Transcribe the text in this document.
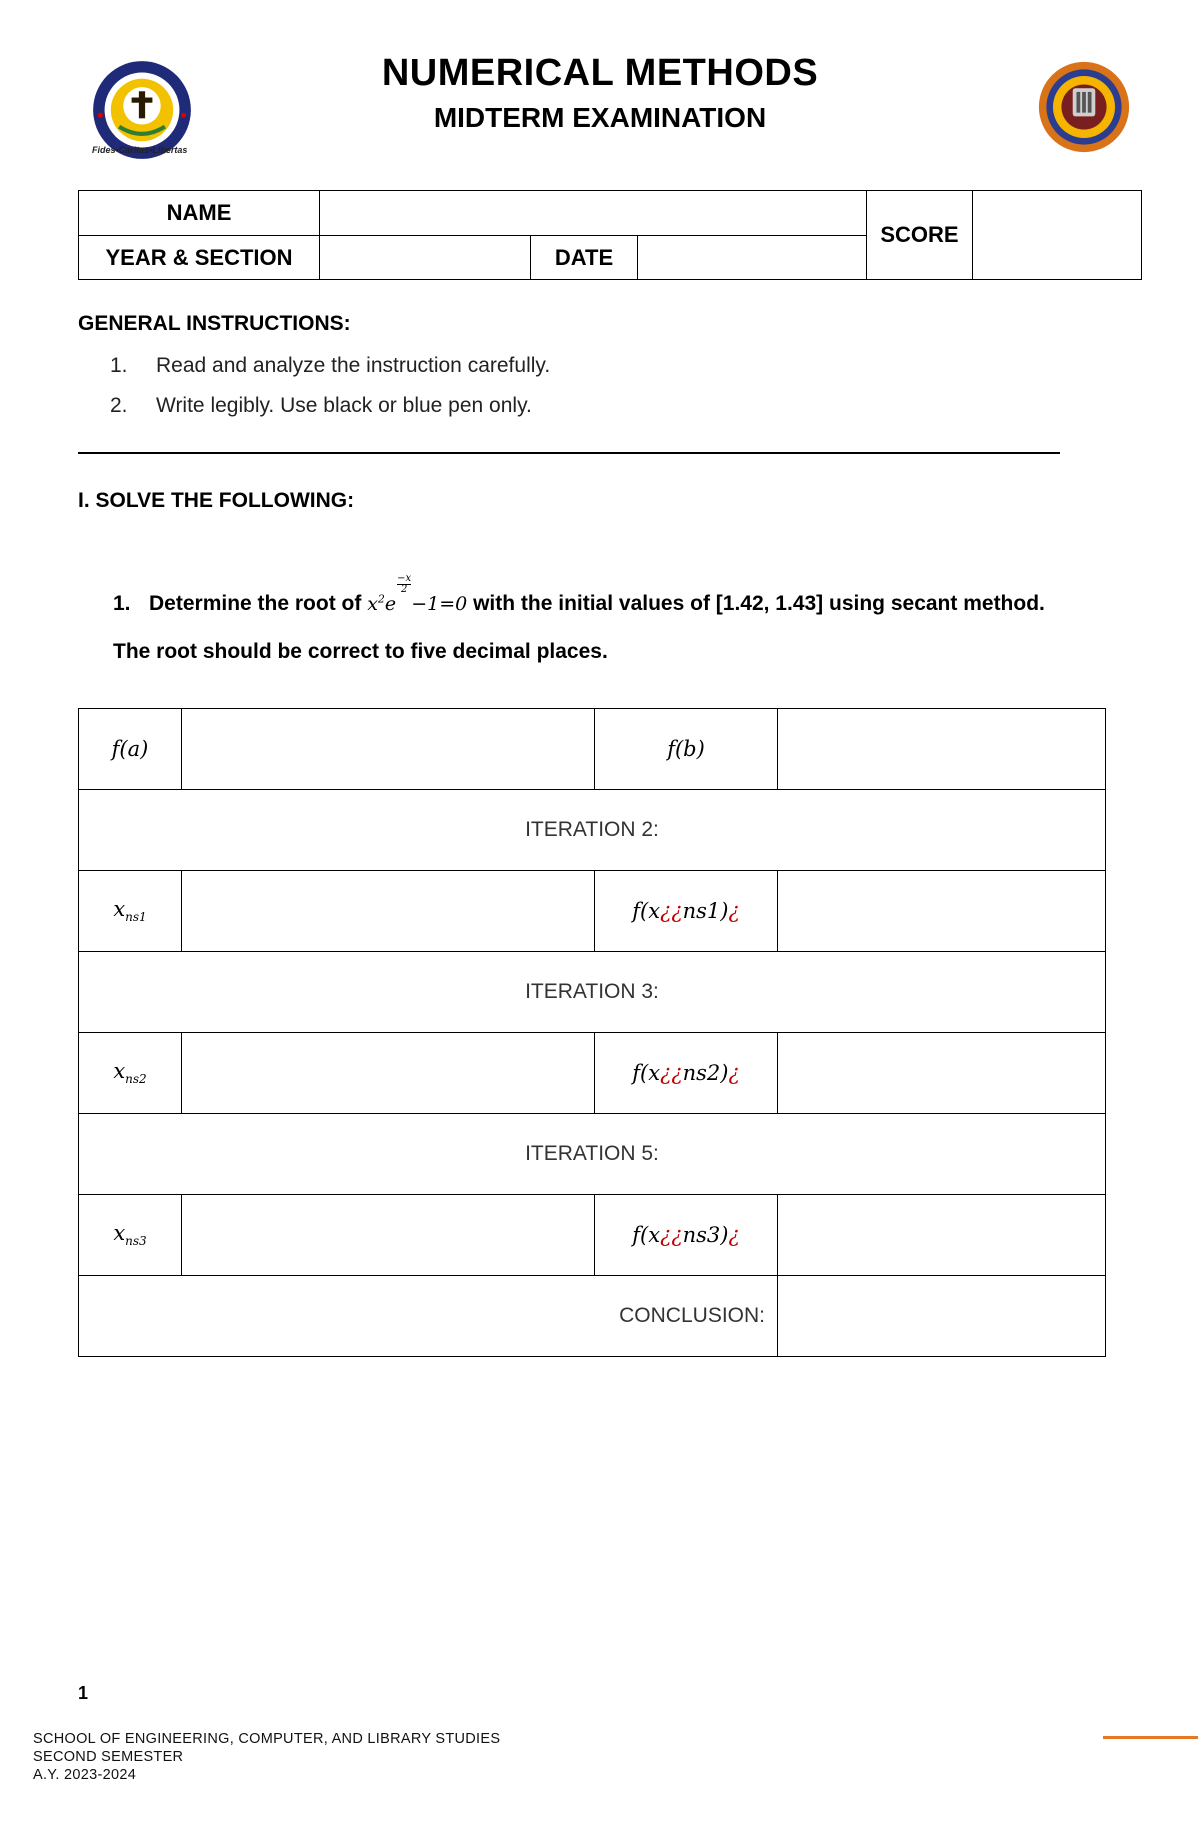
Fides•Caritas•Libertas
NUMERICAL METHODS
MIDTERM EXAMINATION
NAME		SCORE	
YEAR & SECTION			DATE	
GENERAL INSTRUCTIONS:
1. Read and analyze the instruction carefully.
2. Write legibly. Use black or blue pen only.
I. SOLVE THE FOLLOWING:
1. Determine the root of $x^2e$
$\frac{-x}{2}$
−1=0 with the initial values of [1.42, 1.43] using secant method. The root should be correct to five decimal places.
f(a)		f(b)	
ITERATION 2:			
$x_{ns1}$		f(x¿¿ns1)¿	
ITERATION 3:			
$x_{ns2}$		f(x¿¿ns2)¿	
ITERATION 5:			
$x_{ns3}$		f(x¿¿ns3)¿	
CONCLUSION:			
1
SCHOOL OF ENGINEERING, COMPUTER, AND LIBRARY STUDIES
SECOND SEMESTER
A.Y. 2023-2024
